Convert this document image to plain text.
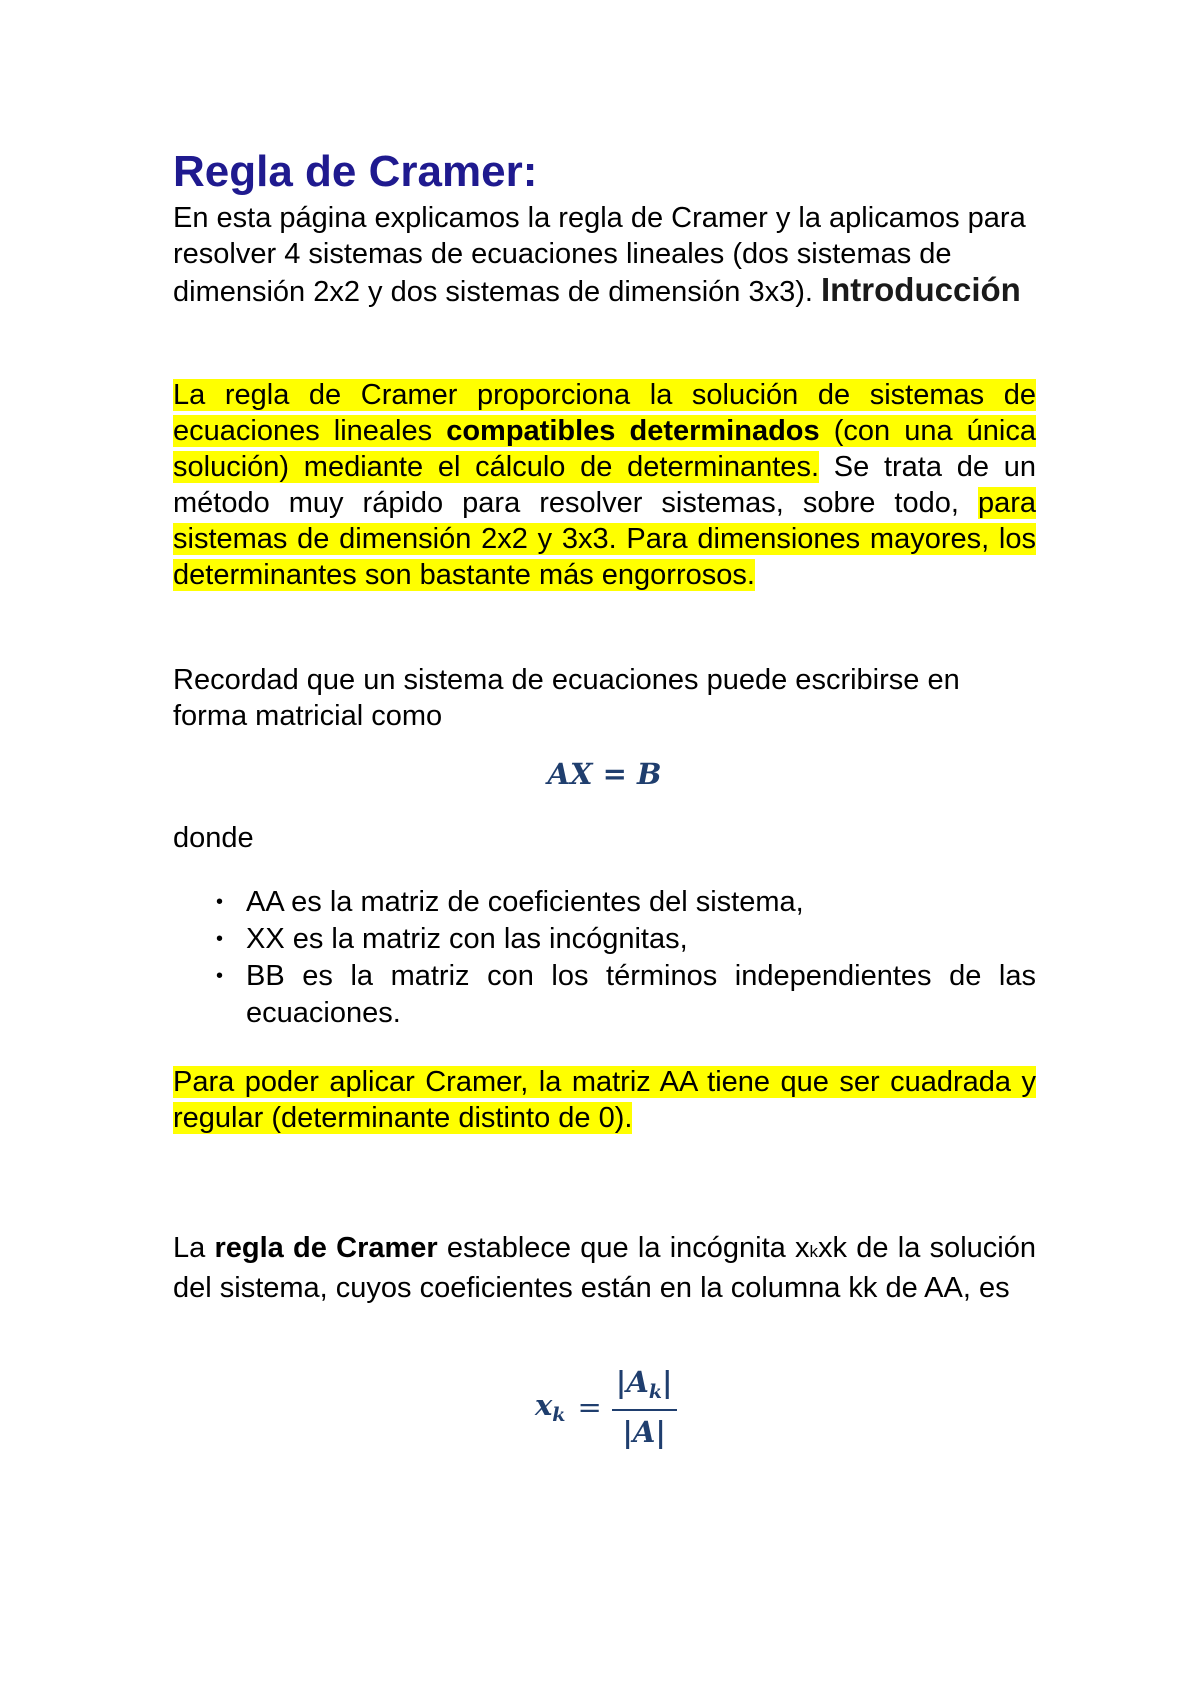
Regla de Cramer:

En esta página explicamos la regla de Cramer y la aplicamos para resolver 4 sistemas de ecuaciones lineales (dos sistemas de dimensión 2x2 y dos sistemas de dimensión 3x3). Introducción

La regla de Cramer proporciona la solución de sistemas de ecuaciones lineales compatibles determinados (con una única solución) mediante el cálculo de determinantes. Se trata de un método muy rápido para resolver sistemas, sobre todo, para sistemas de dimensión 2x2 y 3x3. Para dimensiones mayores, los determinantes son bastante más engorrosos.

Recordad que un sistema de ecuaciones puede escribirse en forma matricial como

AX = B

donde

• AA es la matriz de coeficientes del sistema,
• XX es la matriz con las incógnitas,
• BB es la matriz con los términos independientes de las ecuaciones.

Para poder aplicar Cramer, la matriz AA tiene que ser cuadrada y regular (determinante distinto de 0).

La regla de Cramer establece que la incógnita xkxk de la solución del sistema, cuyos coeficientes están en la columna kk de AA, es

$x_k = \frac{|A_k|}{|A|}$
